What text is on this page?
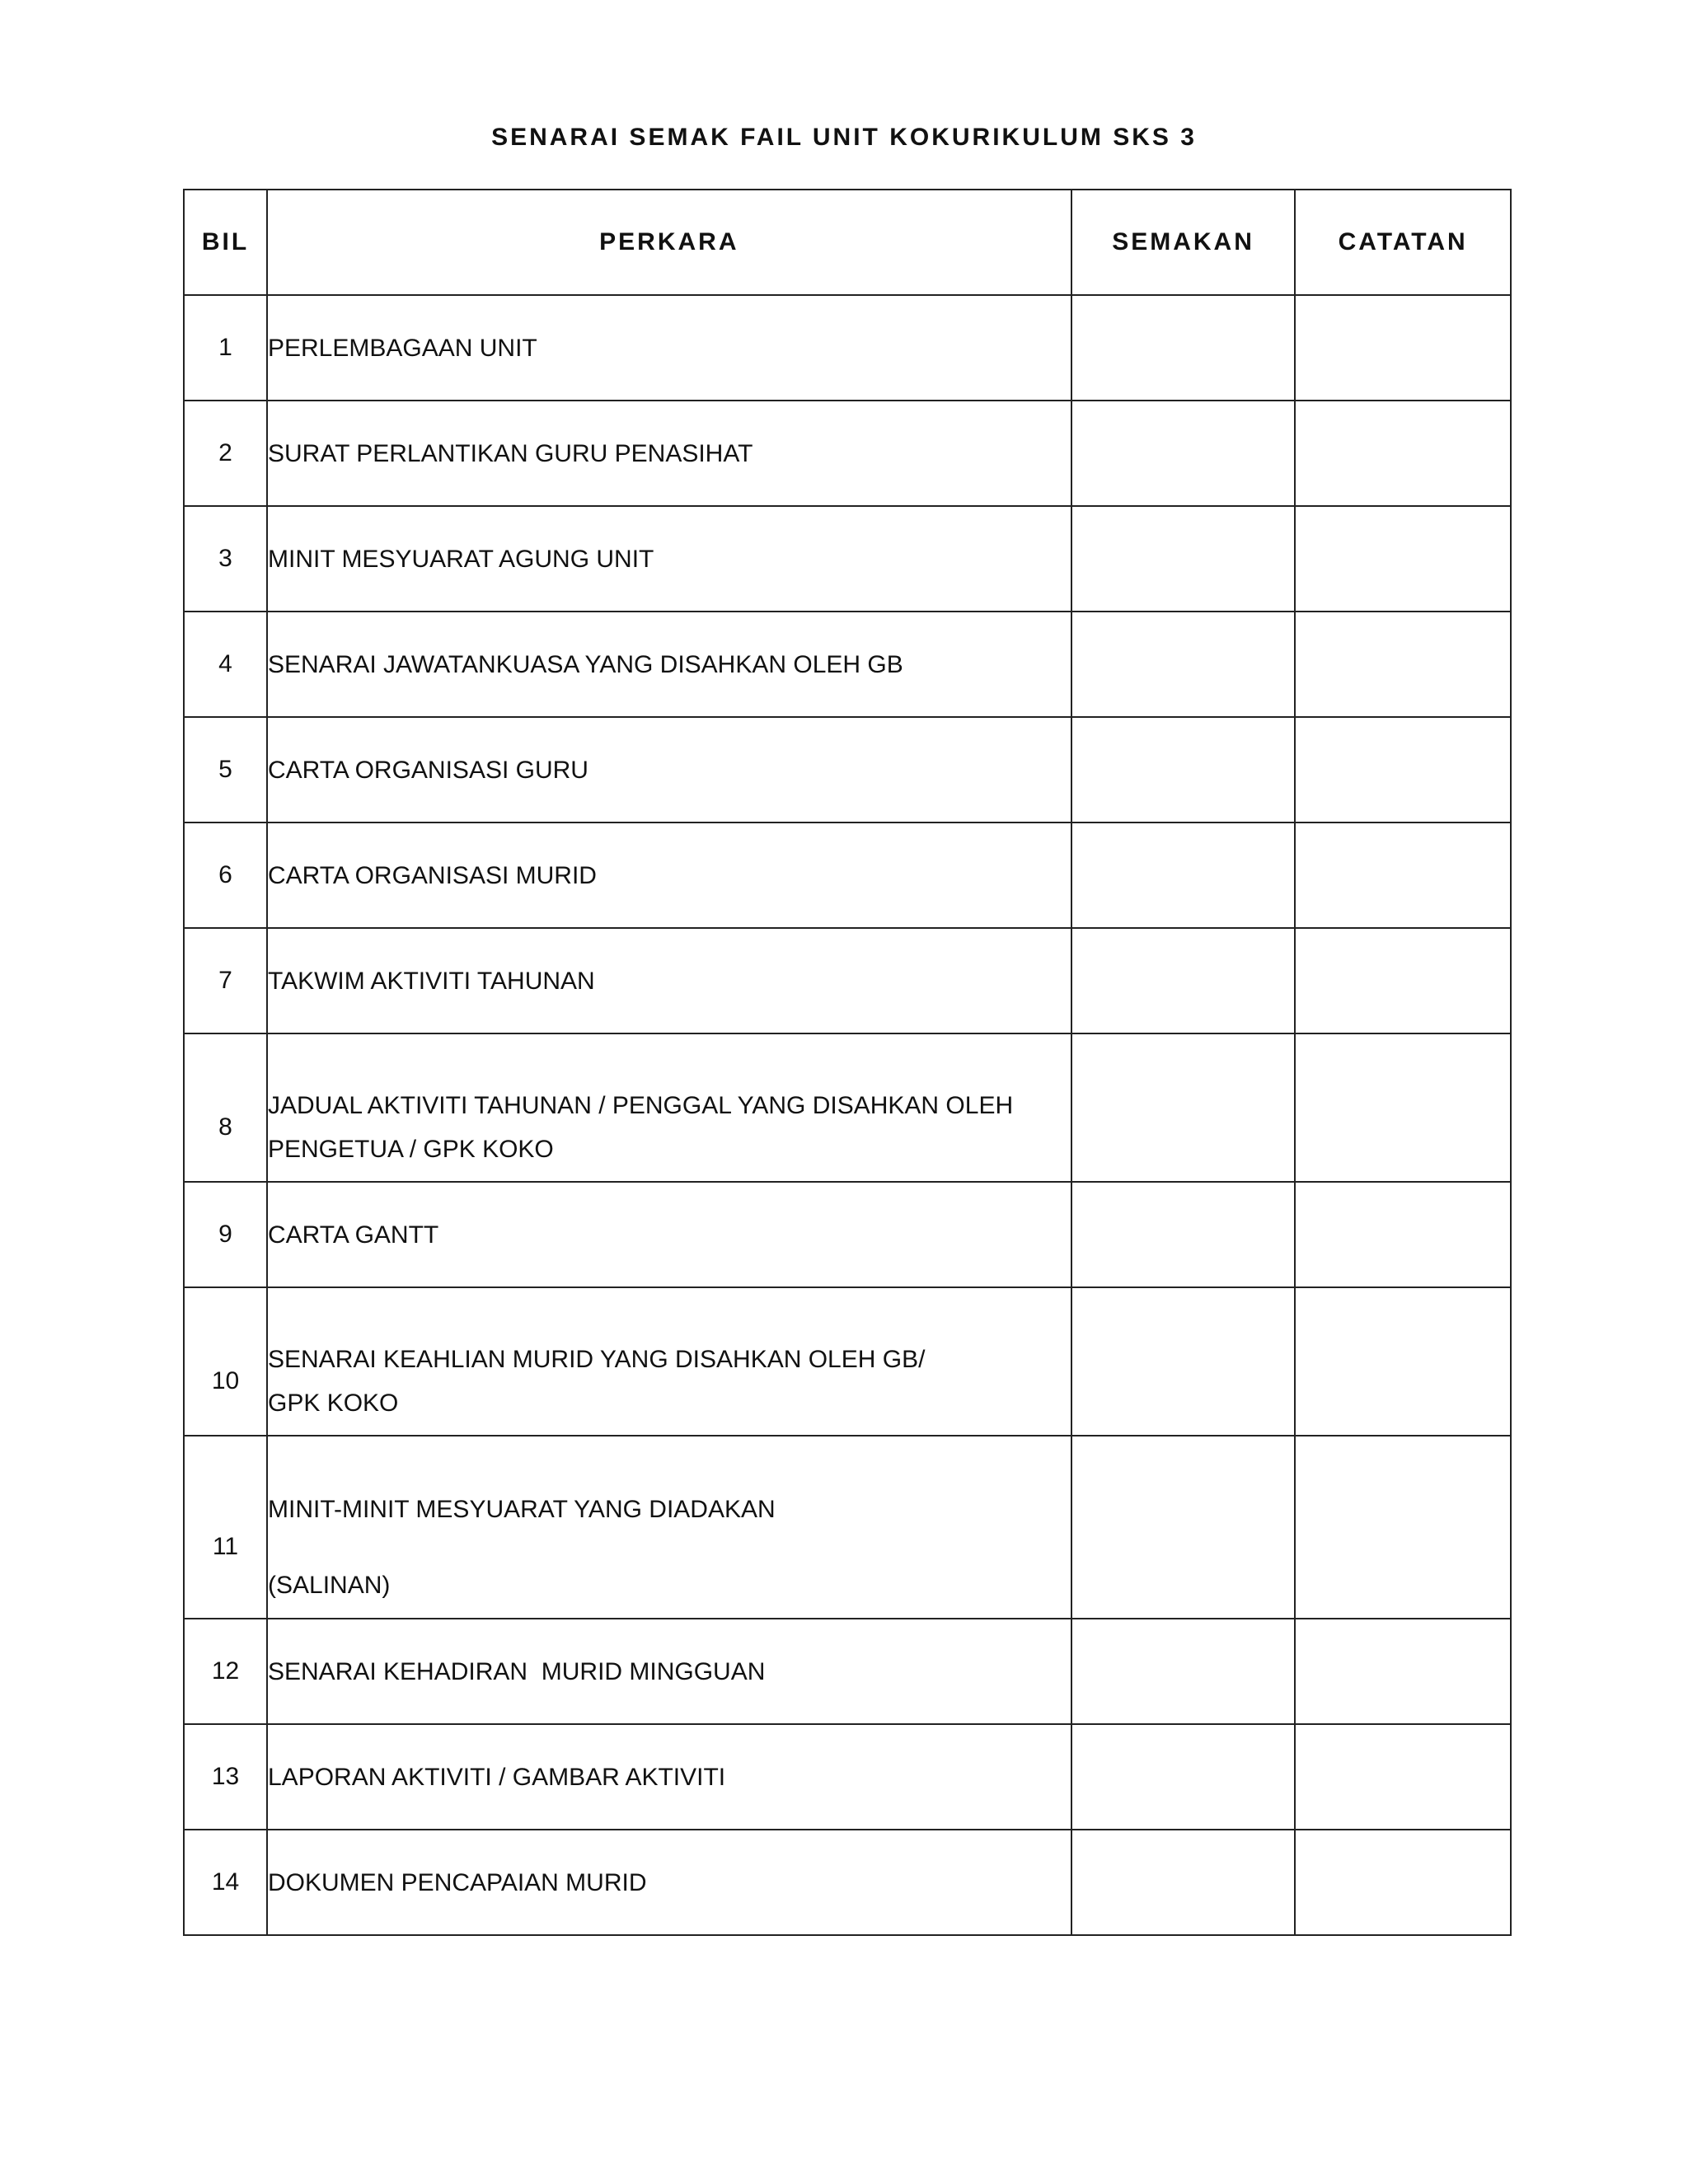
SENARAI SEMAK FAIL UNIT KOKURIKULUM SKS 3
BIL	PERKARA	SEMAKAN	CATATAN
1	PERLEMBAGAAN UNIT		
2	SURAT PERLANTIKAN GURU PENASIHAT		
3	MINIT MESYUARAT AGUNG UNIT		
4	SENARAI JAWATANKUASA YANG DISAHKAN OLEH GB		
5	CARTA ORGANISASI GURU		
6	CARTA ORGANISASI MURID		
7	TAKWIM AKTIVITI TAHUNAN		

8	JADUAL AKTIVITI TAHUNAN / PENGGAL YANG DISAHKAN OLEH PENGETUA / GPK KOKO		

9	CARTA GANTT		

10	SENARAI KEAHLIAN MURID YANG DISAHKAN OLEH GB/ GPK KOKO		

11	MINIT-MINIT MESYUARAT YANG DIADAKAN
(SALINAN)		

12	SENARAI KEHADIRAN  MURID MINGGUAN		
13	LAPORAN AKTIVITI / GAMBAR AKTIVITI		
14	DOKUMEN PENCAPAIAN MURID		
